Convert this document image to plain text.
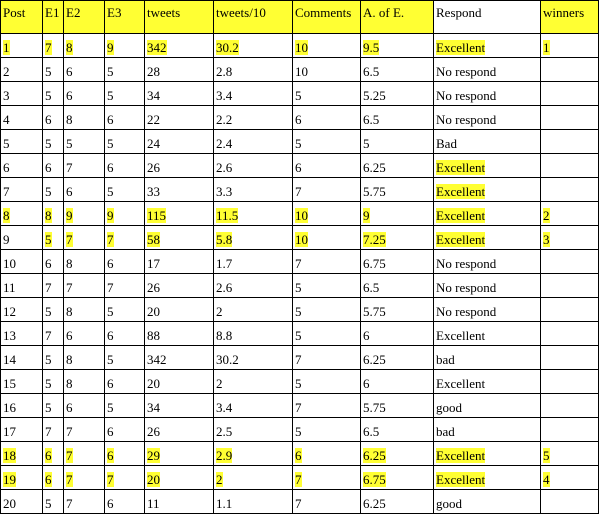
Post	E1	E2	E3	tweets	tweets/10	Comments	A. of E.	Respond	winners
1	7	8	9	342	30.2	10	9.5	Excellent	1
2	5	6	5	28	2.8	10	6.5	No respond	
3	5	6	5	34	3.4	5	5.25	No respond	
4	6	8	6	22	2.2	6	6.5	No respond	
5	5	5	5	24	2.4	5	5	Bad	
6	6	7	6	26	2.6	6	6.25	Excellent	
7	5	6	5	33	3.3	7	5.75	Excellent	
8	8	9	9	115	11.5	10	9	Excellent	2
9	5	7	7	58	5.8	10	7.25	Excellent	3
10	6	8	6	17	1.7	7	6.75	No respond	
11	7	7	7	26	2.6	5	6.5	No respond	
12	5	8	5	20	2	5	5.75	No respond	
13	7	6	6	88	8.8	5	6	Excellent	
14	5	8	5	342	30.2	7	6.25	bad	
15	5	8	6	20	2	5	6	Excellent	
16	5	6	5	34	3.4	7	5.75	good	
17	7	7	6	26	2.5	5	6.5	bad	
18	6	7	6	29	2.9	6	6.25	Excellent	5
19	6	7	7	20	2	7	6.75	Excellent	4
20	5	7	6	11	1.1	7	6.25	good	
